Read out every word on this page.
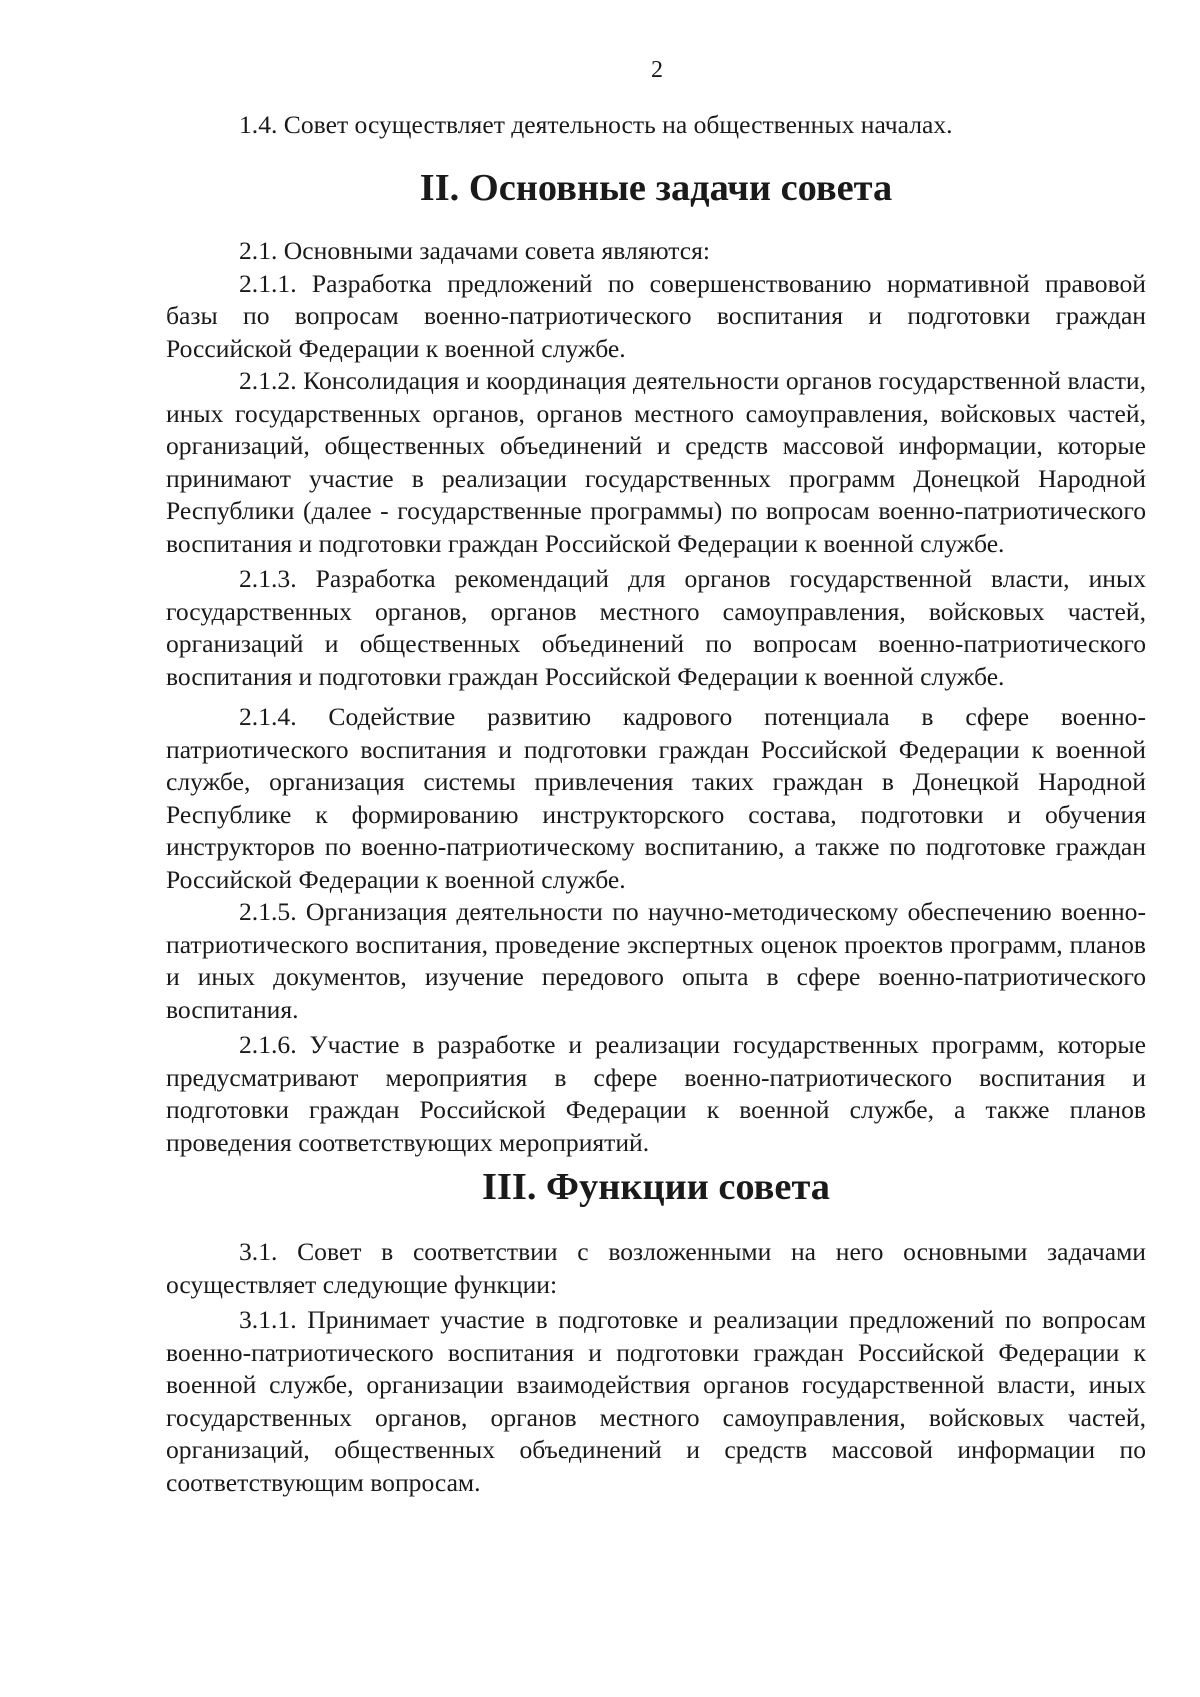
2

1.4. Совет осуществляет деятельность на общественных началах.

II. Основные задачи совета

2.1. Основными задачами совета являются:

2.1.1. Разработка предложений по совершенствованию нормативной правовой базы по вопросам военно-патриотического воспитания и подготовки граждан Российской Федерации к военной службе.

2.1.2. Консолидация и координация деятельности органов государственной власти, иных государственных органов, органов местного самоуправления, войсковых частей, организаций, общественных объединений и средств массовой информации, которые принимают участие в реализации государственных программ Донецкой Народной Республики (далее - государственные программы) по вопросам военно-патриотического воспитания и подготовки граждан Российской Федерации к военной службе.

2.1.3. Разработка рекомендаций для органов государственной власти, иных государственных органов, органов местного самоуправления, войсковых частей, организаций и общественных объединений по вопросам военно-патриотического воспитания и подготовки граждан Российской Федерации к военной службе.

2.1.4. Содействие развитию кадрового потенциала в сфере военно-патриотического воспитания и подготовки граждан Российской Федерации к военной службе, организация системы привлечения таких граждан в Донецкой Народной Республике к формированию инструкторского состава, подготовки и обучения инструкторов по военно-патриотическому воспитанию, а также по подготовке граждан Российской Федерации к военной службе.

2.1.5. Организация деятельности по научно-методическому обеспечению военно-патриотического воспитания, проведение экспертных оценок проектов программ, планов и иных документов, изучение передового опыта в сфере военно-патриотического воспитания.

2.1.6. Участие в разработке и реализации государственных программ, которые предусматривают мероприятия в сфере военно-патриотического воспитания и подготовки граждан Российской Федерации к военной службе, а также планов проведения соответствующих мероприятий.

III. Функции совета

3.1. Совет в соответствии с возложенными на него основными задачами осуществляет следующие функции:

3.1.1. Принимает участие в подготовке и реализации предложений по вопросам военно-патриотического воспитания и подготовки граждан Российской Федерации к военной службе, организации взаимодействия органов государственной власти, иных государственных органов, органов местного самоуправления, войсковых частей, организаций, общественных объединений и средств массовой информации по соответствующим вопросам.
